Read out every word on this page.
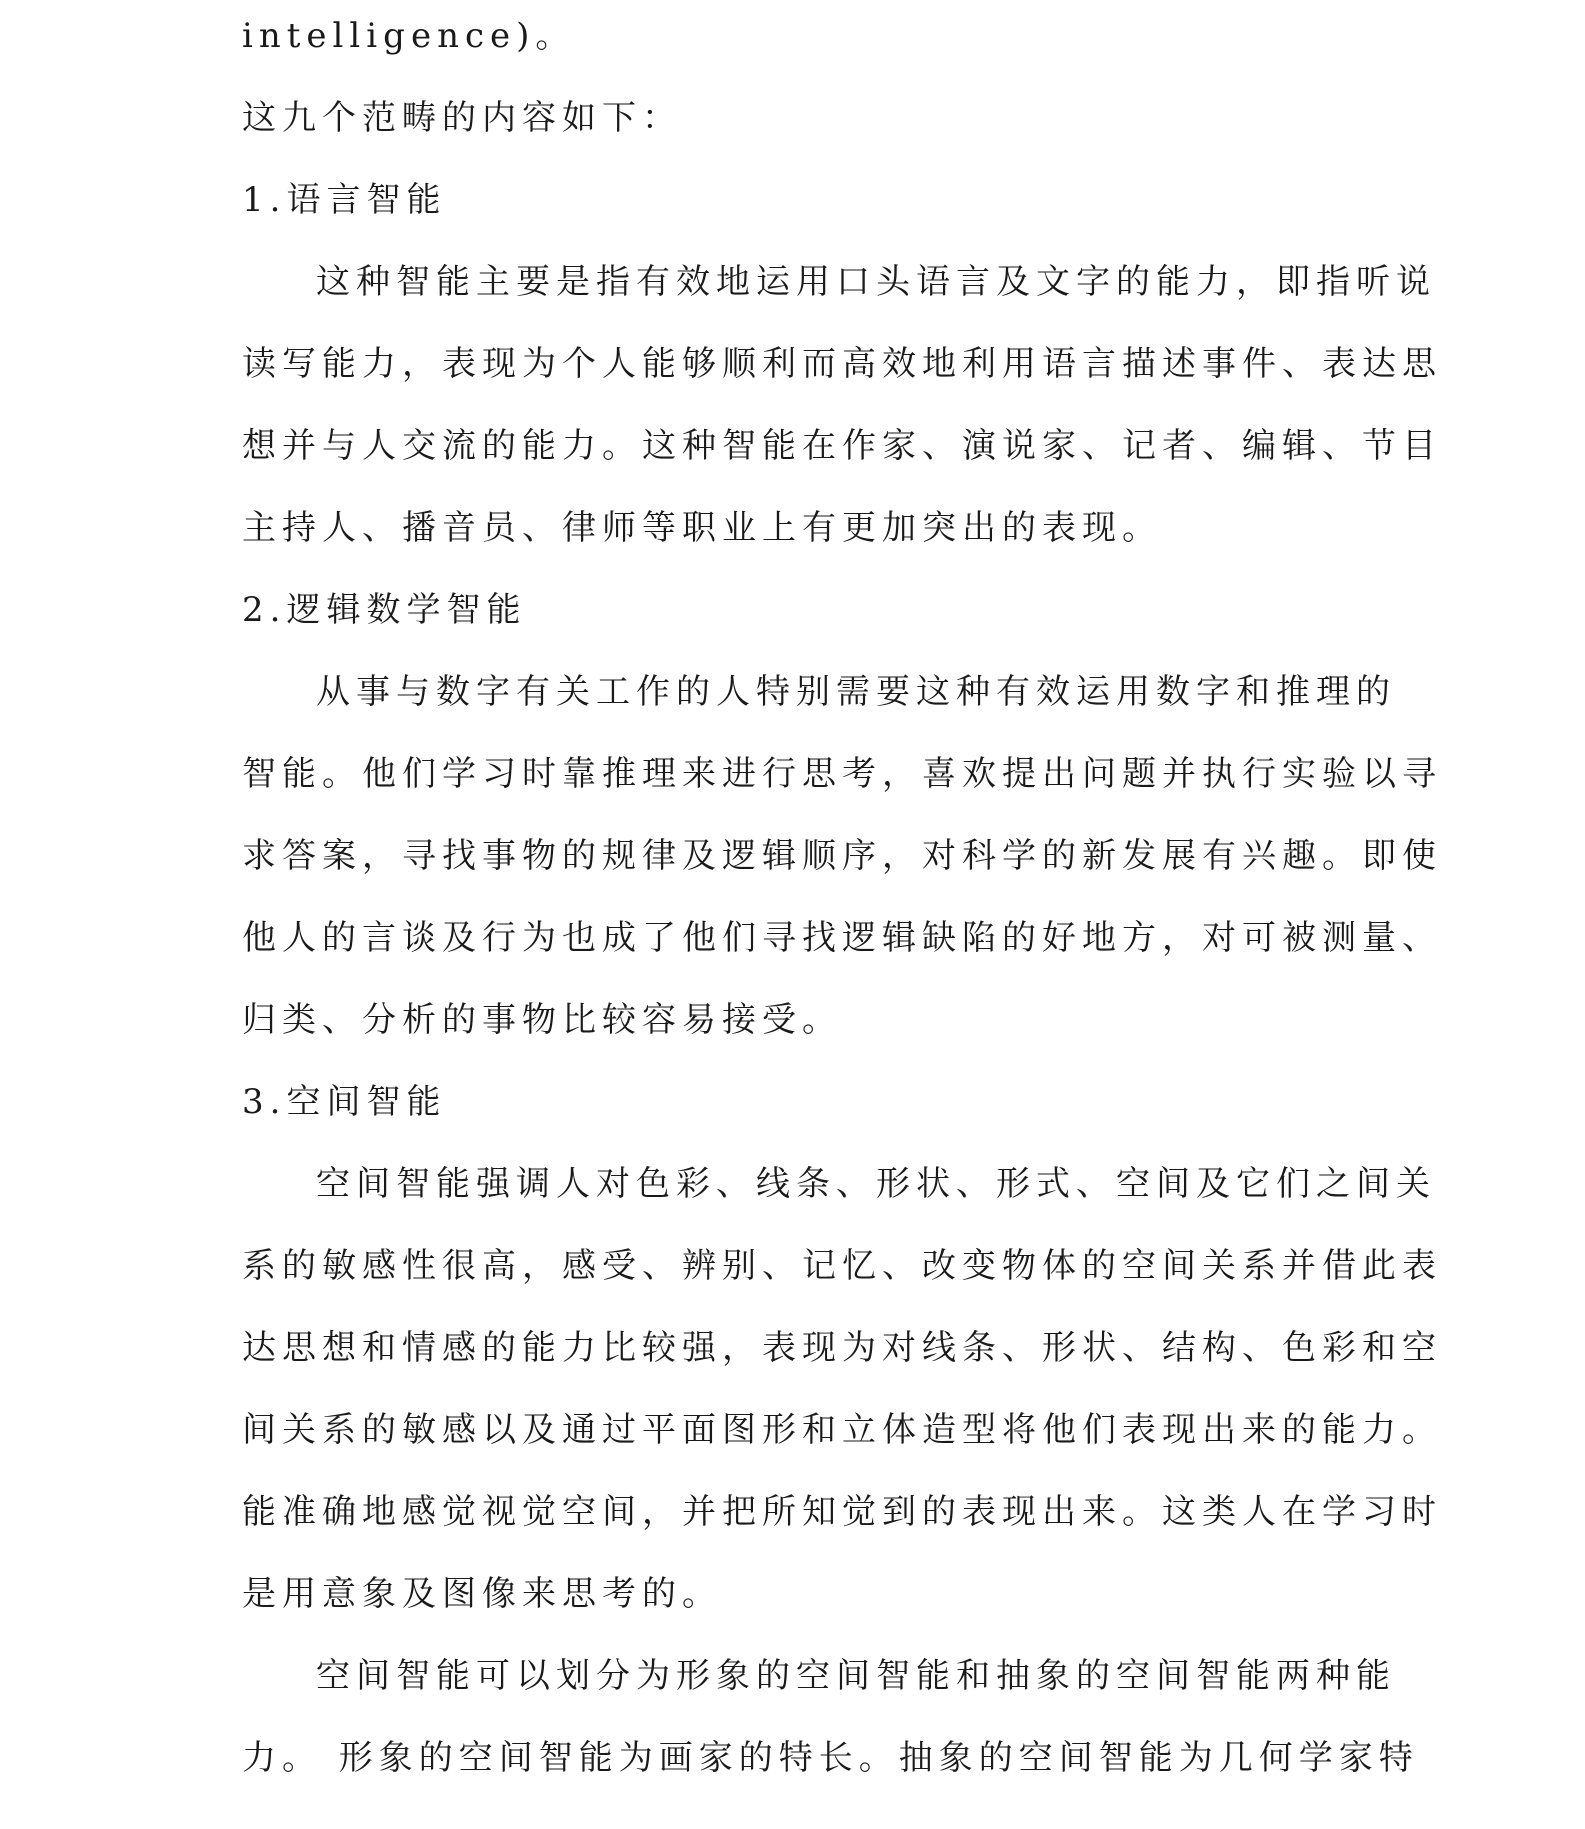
intelligence)。
这九个范畴的内容如下：
1.语言智能
这种智能主要是指有效地运用口头语言及文字的能力，即指听说
读写能力，表现为个人能够顺利而高效地利用语言描述事件、表达思
想并与人交流的能力。这种智能在作家、演说家、记者、编辑、节目
主持人、播音员、律师等职业上有更加突出的表现。
2.逻辑数学智能
从事与数字有关工作的人特别需要这种有效运用数字和推理的
智能。他们学习时靠推理来进行思考，喜欢提出问题并执行实验以寻
求答案，寻找事物的规律及逻辑顺序，对科学的新发展有兴趣。即使
他人的言谈及行为也成了他们寻找逻辑缺陷的好地方，对可被测量、
归类、分析的事物比较容易接受。
3.空间智能
空间智能强调人对色彩、线条、形状、形式、空间及它们之间关
系的敏感性很高，感受、辨别、记忆、改变物体的空间关系并借此表
达思想和情感的能力比较强，表现为对线条、形状、结构、色彩和空
间关系的敏感以及通过平面图形和立体造型将他们表现出来的能力。
能准确地感觉视觉空间，并把所知觉到的表现出来。这类人在学习时
是用意象及图像来思考的。
空间智能可以划分为形象的空间智能和抽象的空间智能两种能
力。 形象的空间智能为画家的特长。抽象的空间智能为几何学家特
